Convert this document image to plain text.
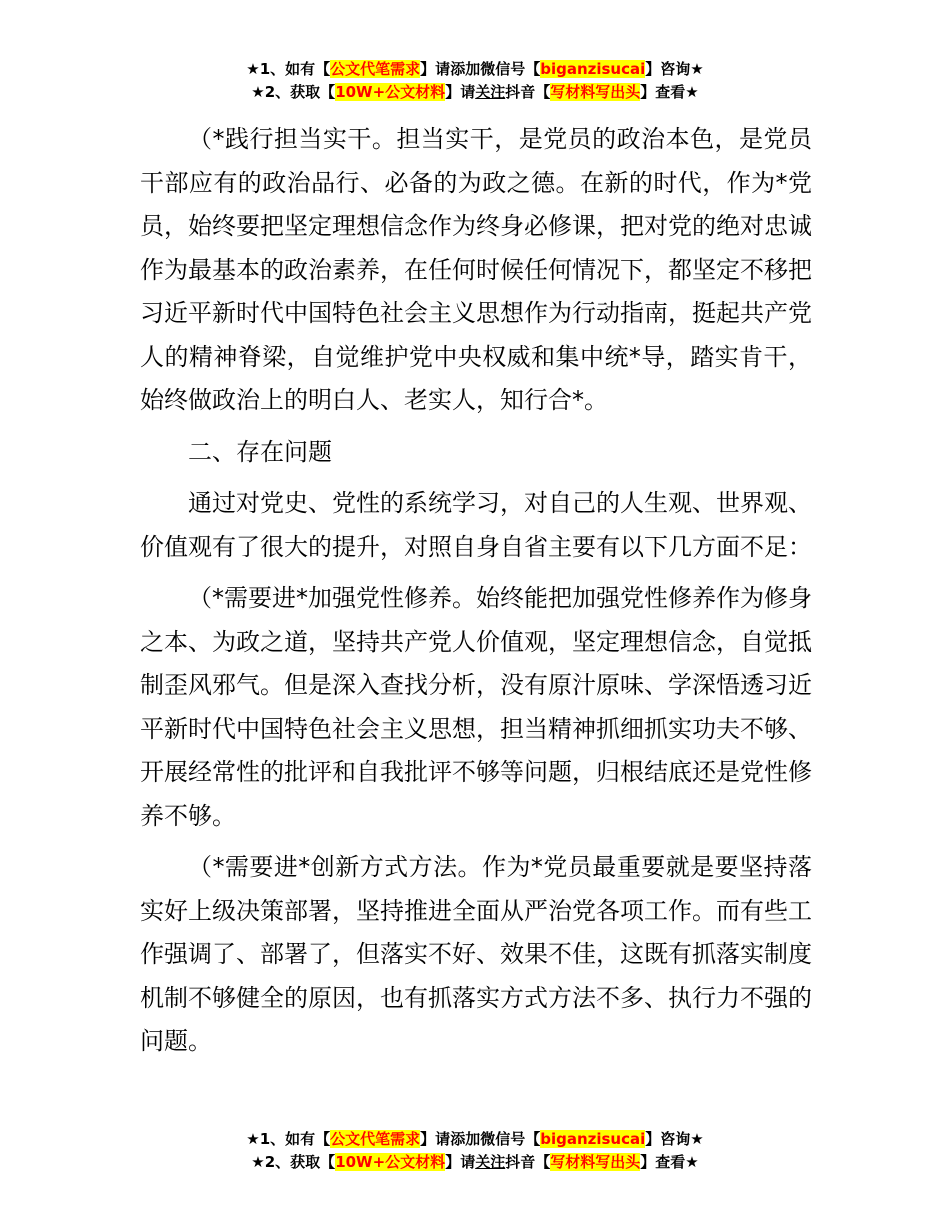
★1、如有【公文代笔需求】请添加微信号【biganzisucai】咨询★
★2、获取【10W+公文材料】请关注抖音【写材料写出头】查看★

（*践行担当实干。担当实干，是党员的政治本色，是党员干部应有的政治品行、必备的为政之德。在新的时代，作为*党员，始终要把坚定理想信念作为终身必修课，把对党的绝对忠诚作为最基本的政治素养，在任何时候任何情况下，都坚定不移把习近平新时代中国特色社会主义思想作为行动指南，挺起共产党人的精神脊梁，自觉维护党中央权威和集中统*导，踏实肯干，始终做政治上的明白人、老实人，知行合*。

二、存在问题

通过对党史、党性的系统学习，对自己的人生观、世界观、价值观有了很大的提升，对照自身自省主要有以下几方面不足：

（*需要进*加强党性修养。始终能把加强党性修养作为修身之本、为政之道，坚持共产党人价值观，坚定理想信念，自觉抵制歪风邪气。但是深入查找分析，没有原汁原味、学深悟透习近平新时代中国特色社会主义思想，担当精神抓细抓实功夫不够、开展经常性的批评和自我批评不够等问题，归根结底还是党性修养不够。

（*需要进*创新方式方法。作为*党员最重要就是要坚持落实好上级决策部署，坚持推进全面从严治党各项工作。而有些工作强调了、部署了，但落实不好、效果不佳，这既有抓落实制度机制不够健全的原因，也有抓落实方式方法不多、执行力不强的问题。

★1、如有【公文代笔需求】请添加微信号【biganzisucai】咨询★
★2、获取【10W+公文材料】请关注抖音【写材料写出头】查看★
